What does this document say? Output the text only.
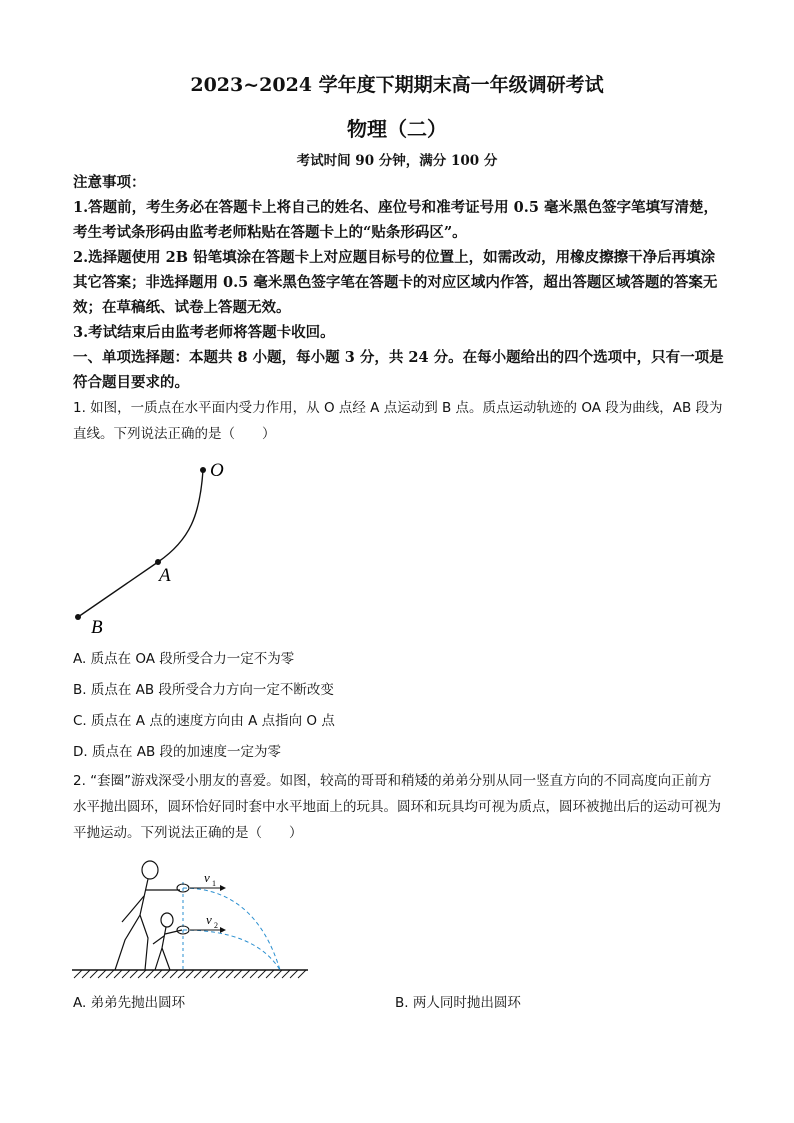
2023~2024 学年度下期期末高一年级调研考试
物理（二）
考试时间 90 分钟，满分 100 分

注意事项：

1.答题前，考生务必在答题卡上将自己的姓名、座位号和准考证号用 0.5 毫米黑色签字笔填写清楚，考生考试条形码由监考老师粘贴在答题卡上的“贴条形码区”。

2.选择题使用 2B 铅笔填涂在答题卡上对应题目标号的位置上，如需改动，用橡皮擦擦干净后再填涂其它答案；非选择题用 0.5 毫米黑色签字笔在答题卡的对应区域内作答，超出答题区域答题的答案无效；在草稿纸、试卷上答题无效。

3.考试结束后由监考老师将答题卡收回。

一、单项选择题：本题共 8 小题，每小题 3 分，共 24 分。在每小题给出的四个选项中，只有一项是符合题目要求的。

1. 如图，一质点在水平面内受力作用，从 O 点经 A 点运动到 B 点。质点运动轨迹的 OA 段为曲线，AB 段为直线。下列说法正确的是（　　）

O
A
B
A. 质点在 OA 段所受合力一定不为零
B. 质点在 AB 段所受合力方向一定不断改变
C. 质点在 A 点的速度方向由 A 点指向 O 点
D. 质点在 AB 段的加速度一定为零

2. “套圈”游戏深受小朋友的喜爱。如图，较高的哥哥和稍矮的弟弟分别从同一竖直方向的不同高度向正前方水平抛出圆环，圆环恰好同时套中水平地面上的玩具。圆环和玩具均可视为质点，圆环被抛出后的运动可视为平抛运动。下列说法正确的是（　　）

v 1
v 2
A. 弟弟先抛出圆环	B. 两人同时抛出圆环
